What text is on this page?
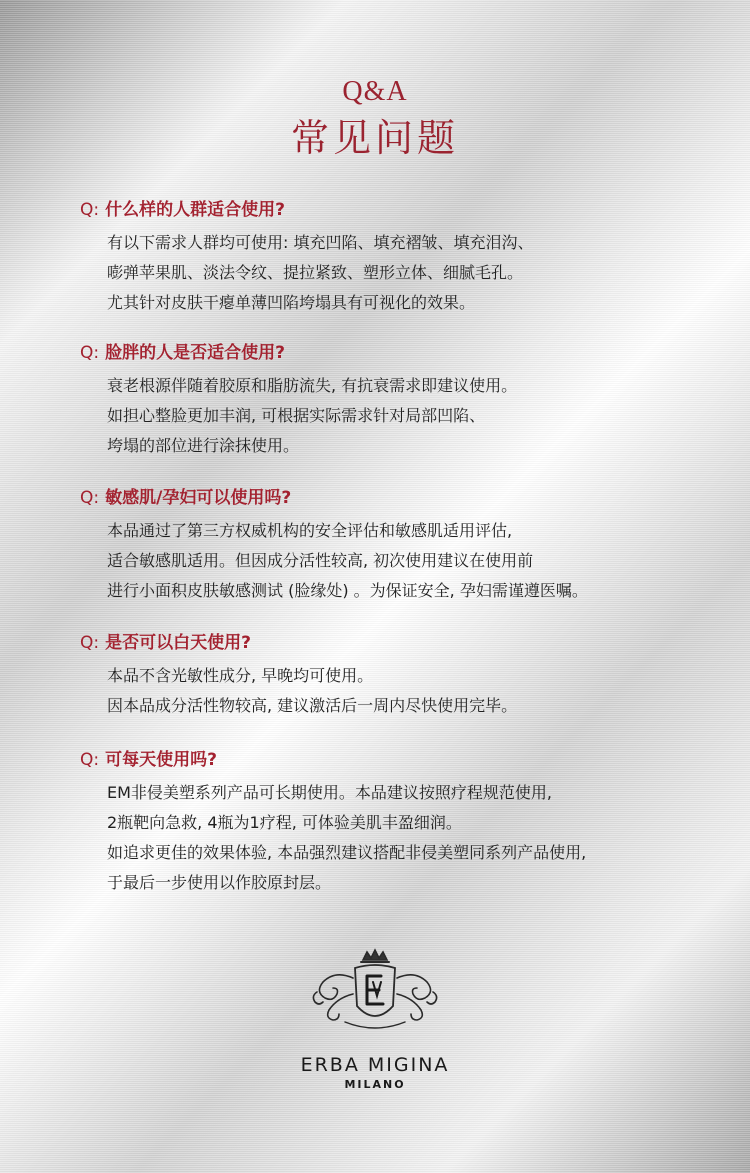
Q&A
常见问题
Q: 什么样的人群适合使用?
有以下需求人群均可使用: 填充凹陷、填充褶皱、填充泪沟、
嘭弹苹果肌、淡法令纹、提拉紧致、塑形立体、细腻毛孔。
尤其针对皮肤干瘪单薄凹陷垮塌具有可视化的效果。
Q: 脸胖的人是否适合使用?
衰老根源伴随着胶原和脂肪流失, 有抗衰需求即建议使用。
如担心整脸更加丰润, 可根据实际需求针对局部凹陷、
垮塌的部位进行涂抹使用。
Q: 敏感肌/孕妇可以使用吗?
本品通过了第三方权威机构的安全评估和敏感肌适用评估,
适合敏感肌适用。但因成分活性较高, 初次使用建议在使用前
进行小面积皮肤敏感测试 (脸缘处) 。为保证安全, 孕妇需谨遵医嘱。
Q: 是否可以白天使用?
本品不含光敏性成分, 早晚均可使用。
因本品成分活性物较高, 建议激活后一周内尽快使用完毕。
Q: 可每天使用吗?
EM非侵美塑系列产品可长期使用。本品建议按照疗程规范使用,
2瓶靶向急救, 4瓶为1疗程, 可体验美肌丰盈细润。
如追求更佳的效果体验, 本品强烈建议搭配非侵美塑同系列产品使用,
于最后一步使用以作胶原封层。
ERBA MIGINA
MILANO
